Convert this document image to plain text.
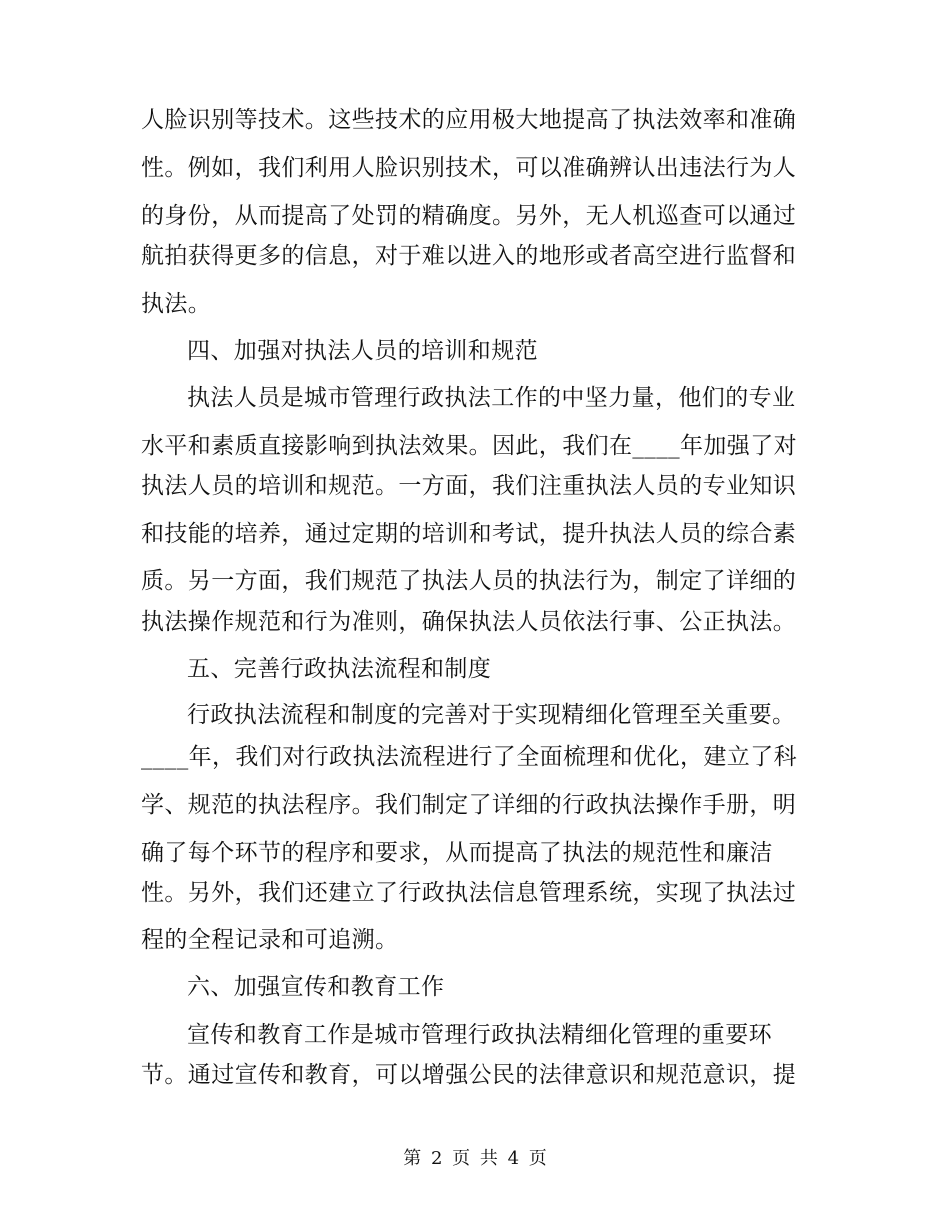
人脸识别等技术。这些技术的应用极大地提高了执法效率和准确
性。例如，我们利用人脸识别技术，可以准确辨认出违法行为人
的身份，从而提高了处罚的精确度。另外，无人机巡查可以通过
航拍获得更多的信息，对于难以进入的地形或者高空进行监督和
执法。
四、加强对执法人员的培训和规范
执法人员是城市管理行政执法工作的中坚力量，他们的专业
水平和素质直接影响到执法效果。因此，我们在____年加强了对
执法人员的培训和规范。一方面，我们注重执法人员的专业知识
和技能的培养，通过定期的培训和考试，提升执法人员的综合素
质。另一方面，我们规范了执法人员的执法行为，制定了详细的
执法操作规范和行为准则，确保执法人员依法行事、公正执法。
五、完善行政执法流程和制度
行政执法流程和制度的完善对于实现精细化管理至关重要。
____年，我们对行政执法流程进行了全面梳理和优化，建立了科
学、规范的执法程序。我们制定了详细的行政执法操作手册，明
确了每个环节的程序和要求，从而提高了执法的规范性和廉洁
性。另外，我们还建立了行政执法信息管理系统，实现了执法过
程的全程记录和可追溯。
六、加强宣传和教育工作
宣传和教育工作是城市管理行政执法精细化管理的重要环
节。通过宣传和教育，可以增强公民的法律意识和规范意识，提
第 2 页 共 4 页
